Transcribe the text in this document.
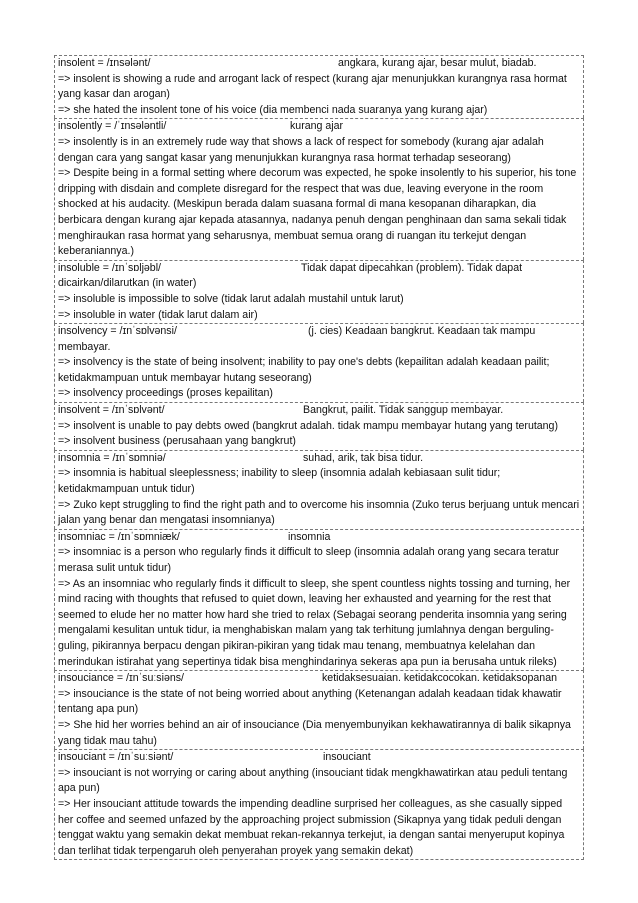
insolent = /ɪnsələnt/	angkara, kurang ajar, besar mulut, biadab.

=> insolent is showing a rude and arrogant lack of respect (kurang ajar menunjukkan kurangnya rasa hormat yang kasar dan arogan)

=> she hated the insolent tone of his voice (dia membenci nada suaranya yang kurang ajar)

insolently = /ˈɪnsələntli/	kurang ajar

=> insolently is in an extremely rude way that shows a lack of respect for somebody (kurang ajar adalah dengan cara yang sangat kasar yang menunjukkan kurangnya rasa hormat terhadap seseorang)

=> Despite being in a formal setting where decorum was expected, he spoke insolently to his superior, his tone dripping with disdain and complete disregard for the respect that was due, leaving everyone in the room shocked at his audacity. (Meskipun berada dalam suasana formal di mana kesopanan diharapkan, dia berbicara dengan kurang ajar kepada atasannya, nadanya penuh dengan penghinaan dan sama sekali tidak menghiraukan rasa hormat yang seharusnya, membuat semua orang di ruangan itu terkejut dengan keberaniannya.)

insoluble = /ɪnˈsɒljəbl/	Tidak dapat dipecahkan (problem). Tidak dapat dicairkan/dilarutkan (in water)

=> insoluble is impossible to solve (tidak larut adalah mustahil untuk larut)

=> insoluble in water (tidak larut dalam air)

insolvency = /ɪnˈsɒlvənsi/	(j. cies) Keadaan bangkrut. Keadaan tak mampu membayar.

=> insolvency is the state of being insolvent; inability to pay one's debts (kepailitan adalah keadaan pailit; ketidakmampuan untuk membayar hutang seseorang)

=> insolvency proceedings (proses kepailitan)

insolvent = /ɪnˈsɒlvənt/	Bangkrut, pailit. Tidak sanggup membayar.

=> insolvent is unable to pay debts owed (bangkrut adalah. tidak mampu membayar hutang yang terutang)

=> insolvent business (perusahaan yang bangkrut)

insomnia = /ɪnˈsɒmniə/	suhad, arik, tak bisa tidur.

=> insomnia is habitual sleeplessness; inability to sleep (insomnia adalah kebiasaan sulit tidur; ketidakmampuan untuk tidur)

=> Zuko kept struggling to find the right path and to overcome his insomnia (Zuko terus berjuang untuk mencari jalan yang benar dan mengatasi insomnianya)

insomniac = /ɪnˈsɒmniæk/	insomnia

=> insomniac is a person who regularly finds it difficult to sleep (insomnia adalah orang yang secara teratur merasa sulit untuk tidur)

=> As an insomniac who regularly finds it difficult to sleep, she spent countless nights tossing and turning, her mind racing with thoughts that refused to quiet down, leaving her exhausted and yearning for the rest that seemed to elude her no matter how hard she tried to relax (Sebagai seorang penderita insomnia yang sering mengalami kesulitan untuk tidur, ia menghabiskan malam yang tak terhitung jumlahnya dengan berguling-guling, pikirannya berpacu dengan pikiran-pikiran yang tidak mau tenang, membuatnya kelelahan dan merindukan istirahat yang sepertinya tidak bisa menghindarinya sekeras apa pun ia berusaha untuk rileks)

insouciance = /ɪnˈsuːsiəns/	ketidaksesuaian. ketidakcocokan. ketidaksopanan

=> insouciance is the state of not being worried about anything (Ketenangan adalah keadaan tidak khawatir tentang apa pun)

=> She hid her worries behind an air of insouciance (Dia menyembunyikan kekhawatirannya di balik sikapnya yang tidak mau tahu)

insouciant = /ɪnˈsuːsiənt/	insouciant

=> insouciant is not worrying or caring about anything (insouciant tidak mengkhawatirkan atau peduli tentang apa pun)

=> Her insouciant attitude towards the impending deadline surprised her colleagues, as she casually sipped her coffee and seemed unfazed by the approaching project submission (Sikapnya yang tidak peduli dengan tenggat waktu yang semakin dekat membuat rekan-rekannya terkejut, ia dengan santai menyeruput kopinya dan terlihat tidak terpengaruh oleh penyerahan proyek yang semakin dekat)
